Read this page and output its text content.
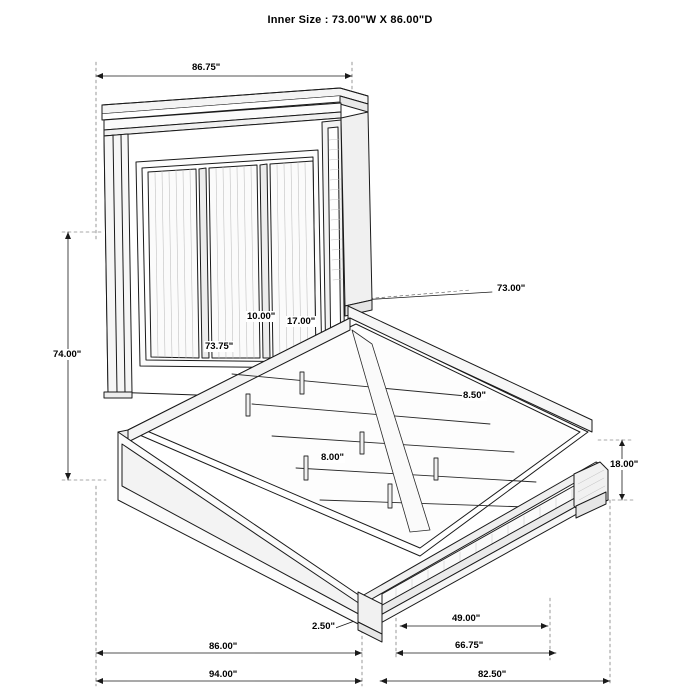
Inner Size : 73.00"W X 86.00"D
86.75"
74.00"
73.75"
10.00" 17.00"
73.00"
8.50"
8.00"
18.00"
2.50"
49.00"
86.00"	66.75"
94.00"	82.50"
